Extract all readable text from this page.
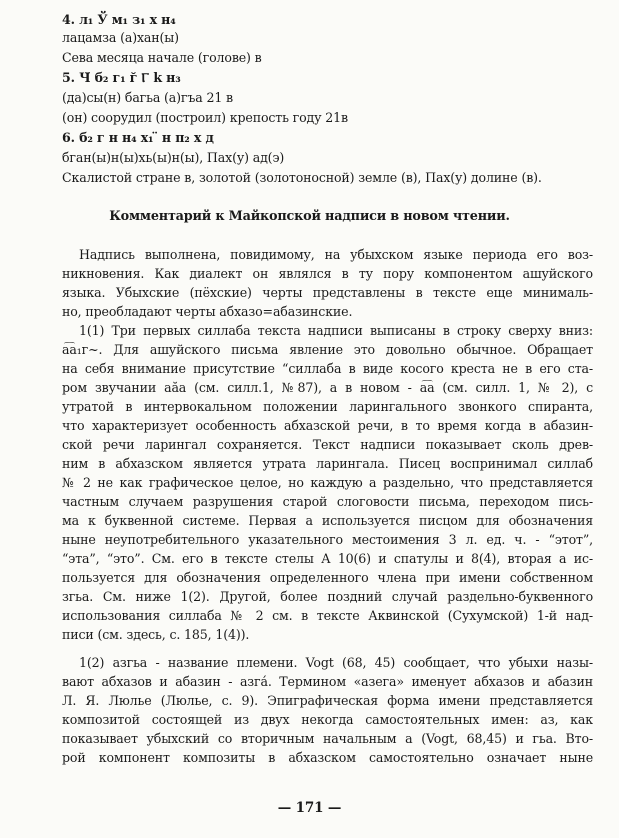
4. л₁ Ў м₁ з₁ х н₄
лацамза (а)хан(ы)
Сева месяца начале (голове) в
5. Ч̆ б₂ г₁ г̆ Ⲅ k н₃
(да)сы(н) багьа (а)гъа 21 в
(он) соорудил (построил) крепость году 21в
6. б₂ г н н₄ х₁ ̈ н п₂ х д
бган(ы)н(ы)хь(ы)н(ы), Пах(у) ад(э)
Скалистой стране в, золотой (золотоносной) земле (в), Пах(у) долине (в).
Комментарий к Майкопской надписи в новом чтении.
Надпись выполнена, повидимому, на убыхском языке периода его воз-
никновения. Как диалект он являлся в ту пору компонентом ашуйского
языка. Убыхские (пёхские) черты представлены в тексте еще минималь-
но, преобладают черты абхазо=абазинские.
1(1) Три первых силлаба текста надписи выписаны в строку сверху вниз:
а͡а₁г~. Для ашуйского письма явление это довольно обычное. Обращает
на себя внимание присутствие “силлаба в виде косого креста не в его ста-
ром звучании аӑа (см. силл.1, №87), а в новом - а͡а (см. силл. 1, № 2), с
утратой в интервокальном положении ларингального звонкого спиранта,
что характеризует особенность абхазской речи, в то время когда в абазин-
ской речи ларингал сохраняется. Текст надписи показывает сколь древ-
ним в абхазском является утрата ларингала. Писец воспринимал силлаб
№ 2 не как графическое целое, но каждую а раздельно, что представляется
частным случаем разрушения старой слоговости письма, переходом пись-
ма к буквенной системе. Первая а используется писцом для обозначения
ныне неупотребительного указательного местоимения 3 л. ед. ч. - “этот”,
“эта”, “это”. См. его в тексте стелы А 10(6) и спатулы и 8(4), вторая а ис-
пользуется для обозначения определенного члена при имени собственном
згьа. См. ниже 1(2). Другой, более поздний случай раздельно-буквенного
использования силлаба № 2 см. в тексте Аквинской (Сухумской) 1-й над-
писи (см. здесь, с. 185, 1(4)).
1(2) азгьа - название племени. Vogt (68, 45) сообщает, что убыхи назы-
вают абхазов и абазин - азга́. Термином «азега» именует абхазов и абазин
Л. Я. Люлье (Люлье, с. 9). Эпиграфическая форма имени представляется
композитой состоящей из двух некогда самостоятельных имен: аз, как
показывает убыхский со вторичным начальным а (Vogt, 68,45) и гьа. Вто-
рой компонент композиты в абхазском самостоятельно означает ныне
— 171 —
